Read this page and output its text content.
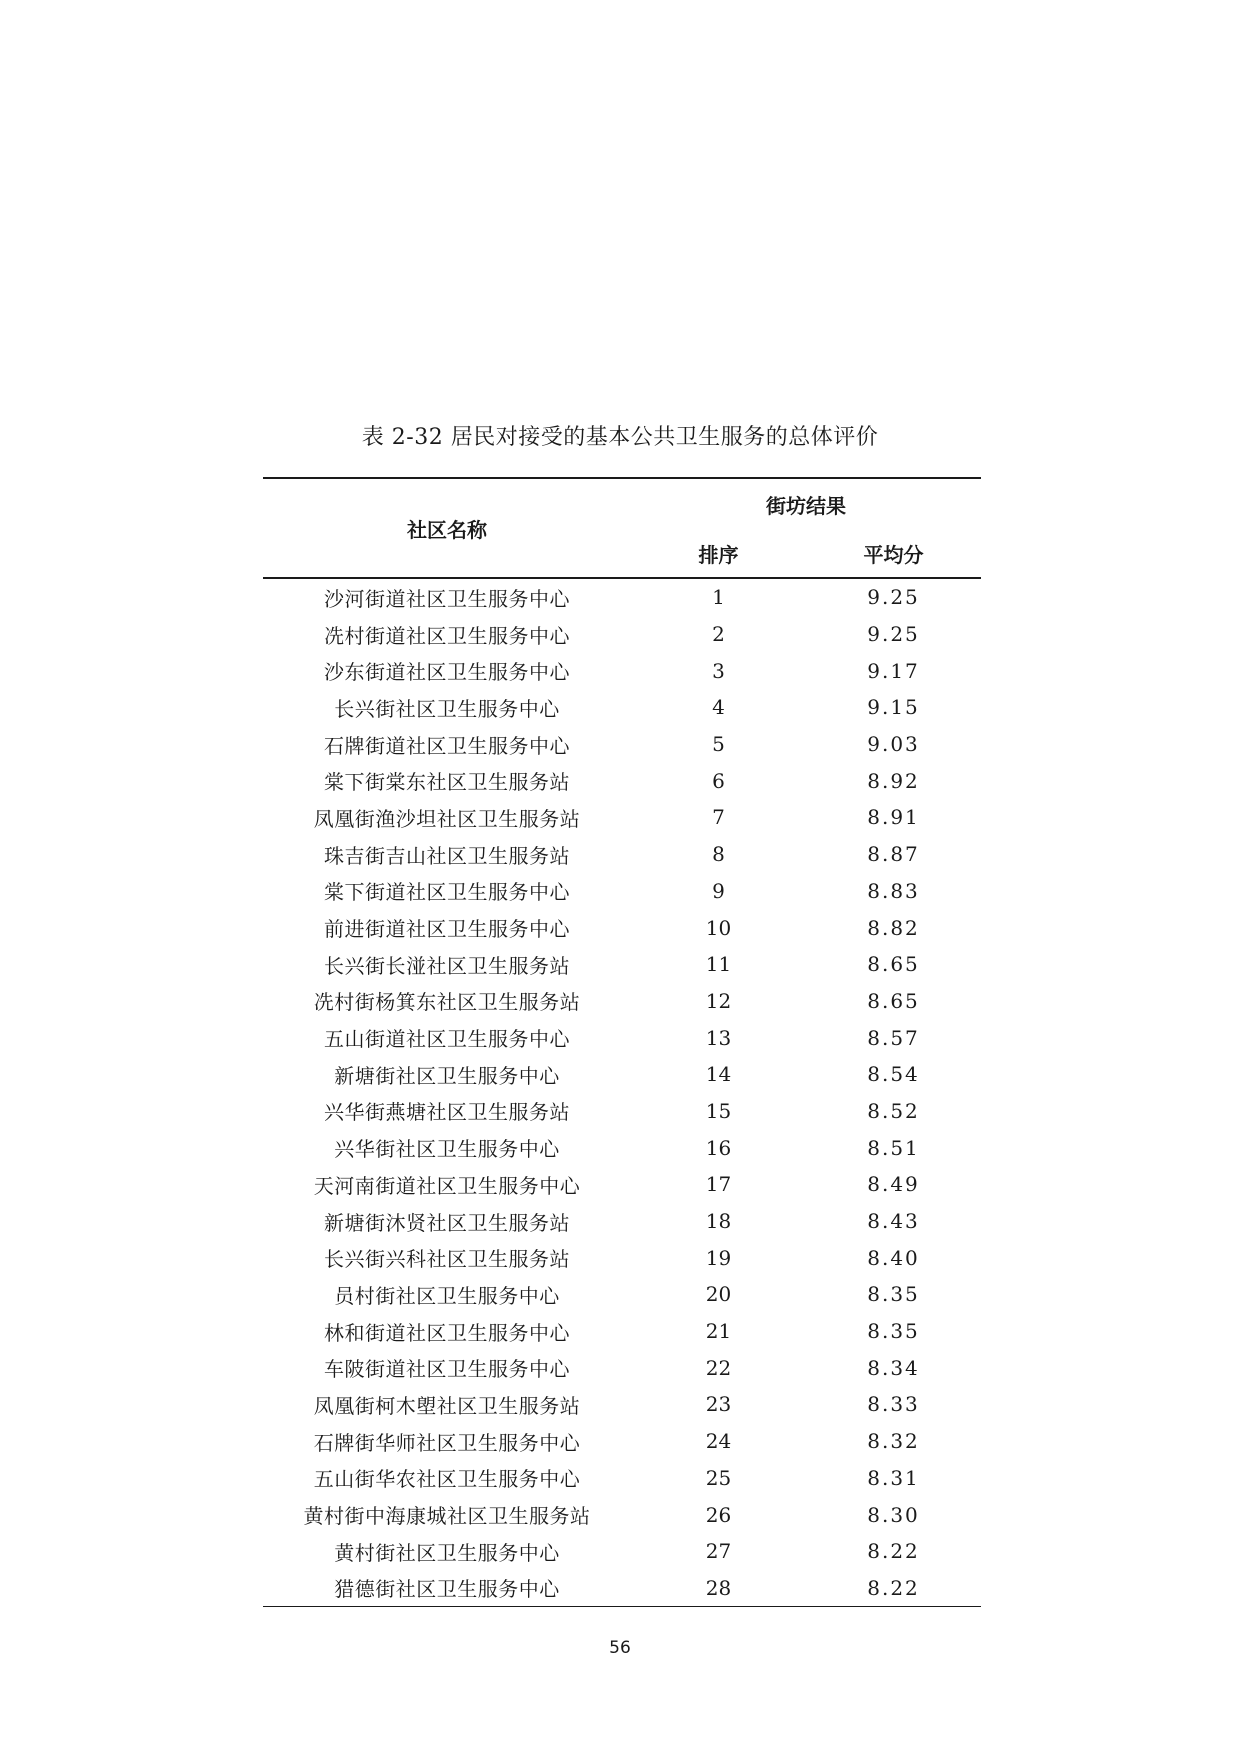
表 2-32 居民对接受的基本公共卫生服务的总体评价
社区名称	街坊结果	
	排序	平均分
沙河街道社区卫生服务中心	1	9.25
冼村街道社区卫生服务中心	2	9.25
沙东街道社区卫生服务中心	3	9.17
长兴街社区卫生服务中心	4	9.15
石牌街道社区卫生服务中心	5	9.03
棠下街棠东社区卫生服务站	6	8.92
凤凰街渔沙坦社区卫生服务站	7	8.91
珠吉街吉山社区卫生服务站	8	8.87
棠下街道社区卫生服务中心	9	8.83
前进街道社区卫生服务中心	10	8.82
长兴街长湴社区卫生服务站	11	8.65
冼村街杨箕东社区卫生服务站	12	8.65
五山街道社区卫生服务中心	13	8.57
新塘街社区卫生服务中心	14	8.54
兴华街燕塘社区卫生服务站	15	8.52
兴华街社区卫生服务中心	16	8.51
天河南街道社区卫生服务中心	17	8.49
新塘街沐贤社区卫生服务站	18	8.43
长兴街兴科社区卫生服务站	19	8.40
员村街社区卫生服务中心	20	8.35
林和街道社区卫生服务中心	21	8.35
车陂街道社区卫生服务中心	22	8.34
凤凰街柯木塱社区卫生服务站	23	8.33
石牌街华师社区卫生服务中心	24	8.32
五山街华农社区卫生服务中心	25	8.31
黄村街中海康城社区卫生服务站	26	8.30
黄村街社区卫生服务中心	27	8.22
猎德街社区卫生服务中心	28	8.22
56
